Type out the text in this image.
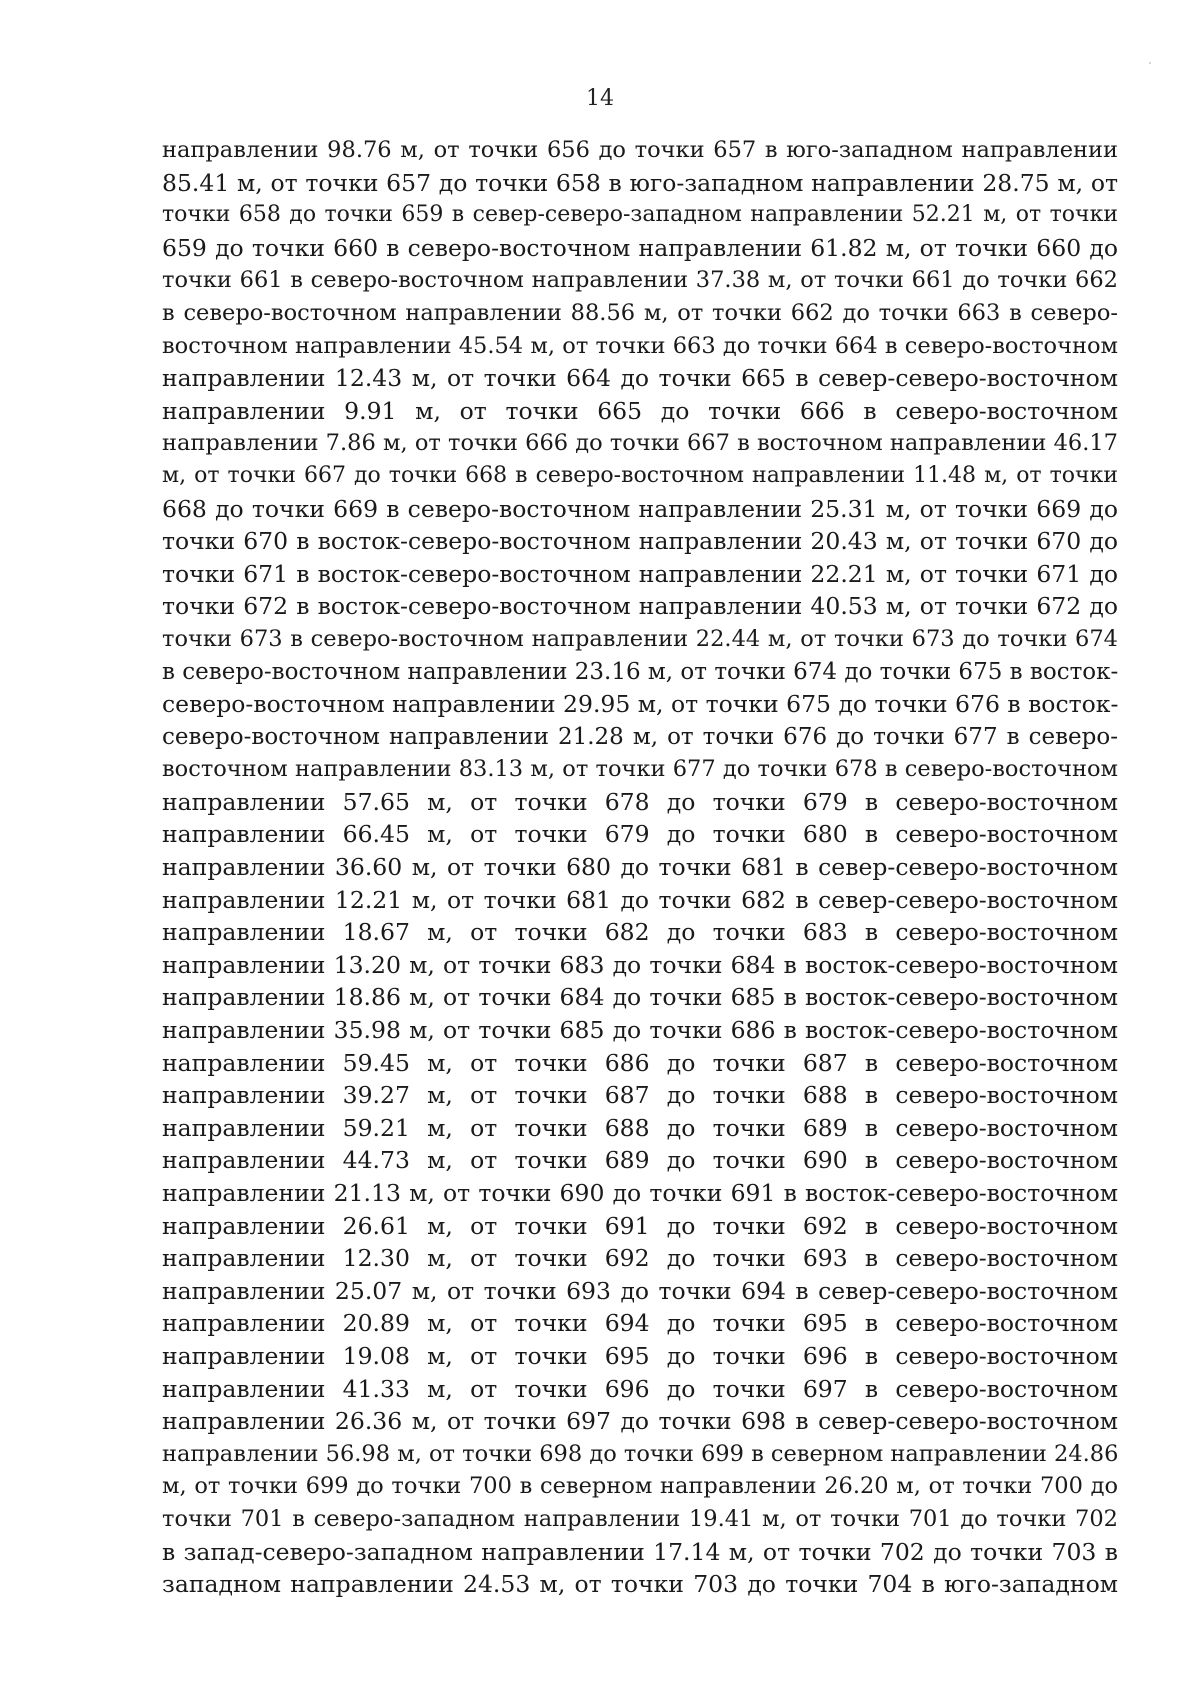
14
направлении 98.76 м, от точки 656 до точки 657 в юго-западном направлении
85.41 м, от точки 657 до точки 658 в юго-западном направлении 28.75 м, от
точки 658 до точки 659 в север-северо-западном направлении 52.21 м, от точки
659 до точки 660 в северо-восточном направлении 61.82 м, от точки 660 до
точки 661 в северо-восточном направлении 37.38 м, от точки 661 до точки 662
в северо-восточном направлении 88.56 м, от точки 662 до точки 663 в северо-
восточном направлении 45.54 м, от точки 663 до точки 664 в северо-восточном
направлении 12.43 м, от точки 664 до точки 665 в север-северо-восточном
направлении 9.91 м, от точки 665 до точки 666 в северо-восточном
направлении 7.86 м, от точки 666 до точки 667 в восточном направлении 46.17
м, от точки 667 до точки 668 в северо-восточном направлении 11.48 м, от точки
668 до точки 669 в северо-восточном направлении 25.31 м, от точки 669 до
точки 670 в восток-северо-восточном направлении 20.43 м, от точки 670 до
точки 671 в восток-северо-восточном направлении 22.21 м, от точки 671 до
точки 672 в восток-северо-восточном направлении 40.53 м, от точки 672 до
точки 673 в северо-восточном направлении 22.44 м, от точки 673 до точки 674
в северо-восточном направлении 23.16 м, от точки 674 до точки 675 в восток-
северо-восточном направлении 29.95 м, от точки 675 до точки 676 в восток-
северо-восточном направлении 21.28 м, от точки 676 до точки 677 в северо-
восточном направлении 83.13 м, от точки 677 до точки 678 в северо-восточном
направлении 57.65 м, от точки 678 до точки 679 в северо-восточном
направлении 66.45 м, от точки 679 до точки 680 в северо-восточном
направлении 36.60 м, от точки 680 до точки 681 в север-северо-восточном
направлении 12.21 м, от точки 681 до точки 682 в север-северо-восточном
направлении 18.67 м, от точки 682 до точки 683 в северо-восточном
направлении 13.20 м, от точки 683 до точки 684 в восток-северо-восточном
направлении 18.86 м, от точки 684 до точки 685 в восток-северо-восточном
направлении 35.98 м, от точки 685 до точки 686 в восток-северо-восточном
направлении 59.45 м, от точки 686 до точки 687 в северо-восточном
направлении 39.27 м, от точки 687 до точки 688 в северо-восточном
направлении 59.21 м, от точки 688 до точки 689 в северо-восточном
направлении 44.73 м, от точки 689 до точки 690 в северо-восточном
направлении 21.13 м, от точки 690 до точки 691 в восток-северо-восточном
направлении 26.61 м, от точки 691 до точки 692 в северо-восточном
направлении 12.30 м, от точки 692 до точки 693 в северо-восточном
направлении 25.07 м, от точки 693 до точки 694 в север-северо-восточном
направлении 20.89 м, от точки 694 до точки 695 в северо-восточном
направлении 19.08 м, от точки 695 до точки 696 в северо-восточном
направлении 41.33 м, от точки 696 до точки 697 в северо-восточном
направлении 26.36 м, от точки 697 до точки 698 в север-северо-восточном
направлении 56.98 м, от точки 698 до точки 699 в северном направлении 24.86
м, от точки 699 до точки 700 в северном направлении 26.20 м, от точки 700 до
точки 701 в северо-западном направлении 19.41 м, от точки 701 до точки 702
в запад-северо-западном направлении 17.14 м, от точки 702 до точки 703 в
западном направлении 24.53 м, от точки 703 до точки 704 в юго-западном
